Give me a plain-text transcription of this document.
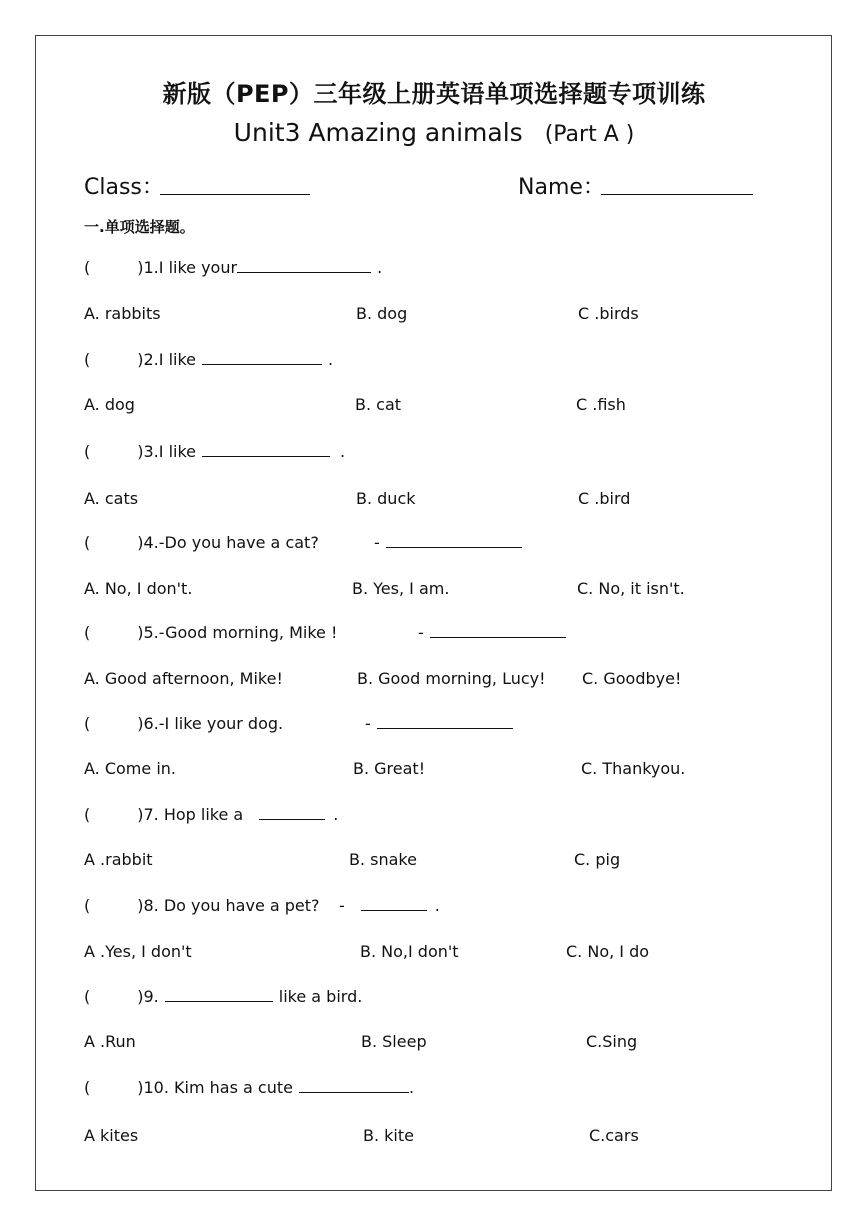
新版（PEP）三年级上册英语单项选择题专项训练
Unit3 Amazing animals (Part A )
Class：	Name：
一.单项选择题。
(	)1.I like your	.
A. rabbits	B. dog	C .birds
(	)2.I like	.
A. dog	B. cat	C .fish
(	)3.I like	.
A. cats	B. duck	C .bird
(	)4.-Do you have a cat?	-
A. No, I don't.	B. Yes, I am.	C. No, it isn't.
(	)5.-Good morning, Mike !	-
A. Good afternoon, Mike!	B. Good morning, Lucy! C. Goodbye!
(	)6.-I like your dog.	-
A. Come in.	B. Great!	C. Thankyou.
(	)7. Hop like a	.
A .rabbit	B. snake	C. pig
(	)8. Do you have a pet? -	.
A .Yes, I don't	B. No,I don't	C. No, I do
(	)9.	like a bird.
A .Run	B. Sleep	C.Sing
(	)10. Kim has a cute	.
A kites	B. kite	C.cars
